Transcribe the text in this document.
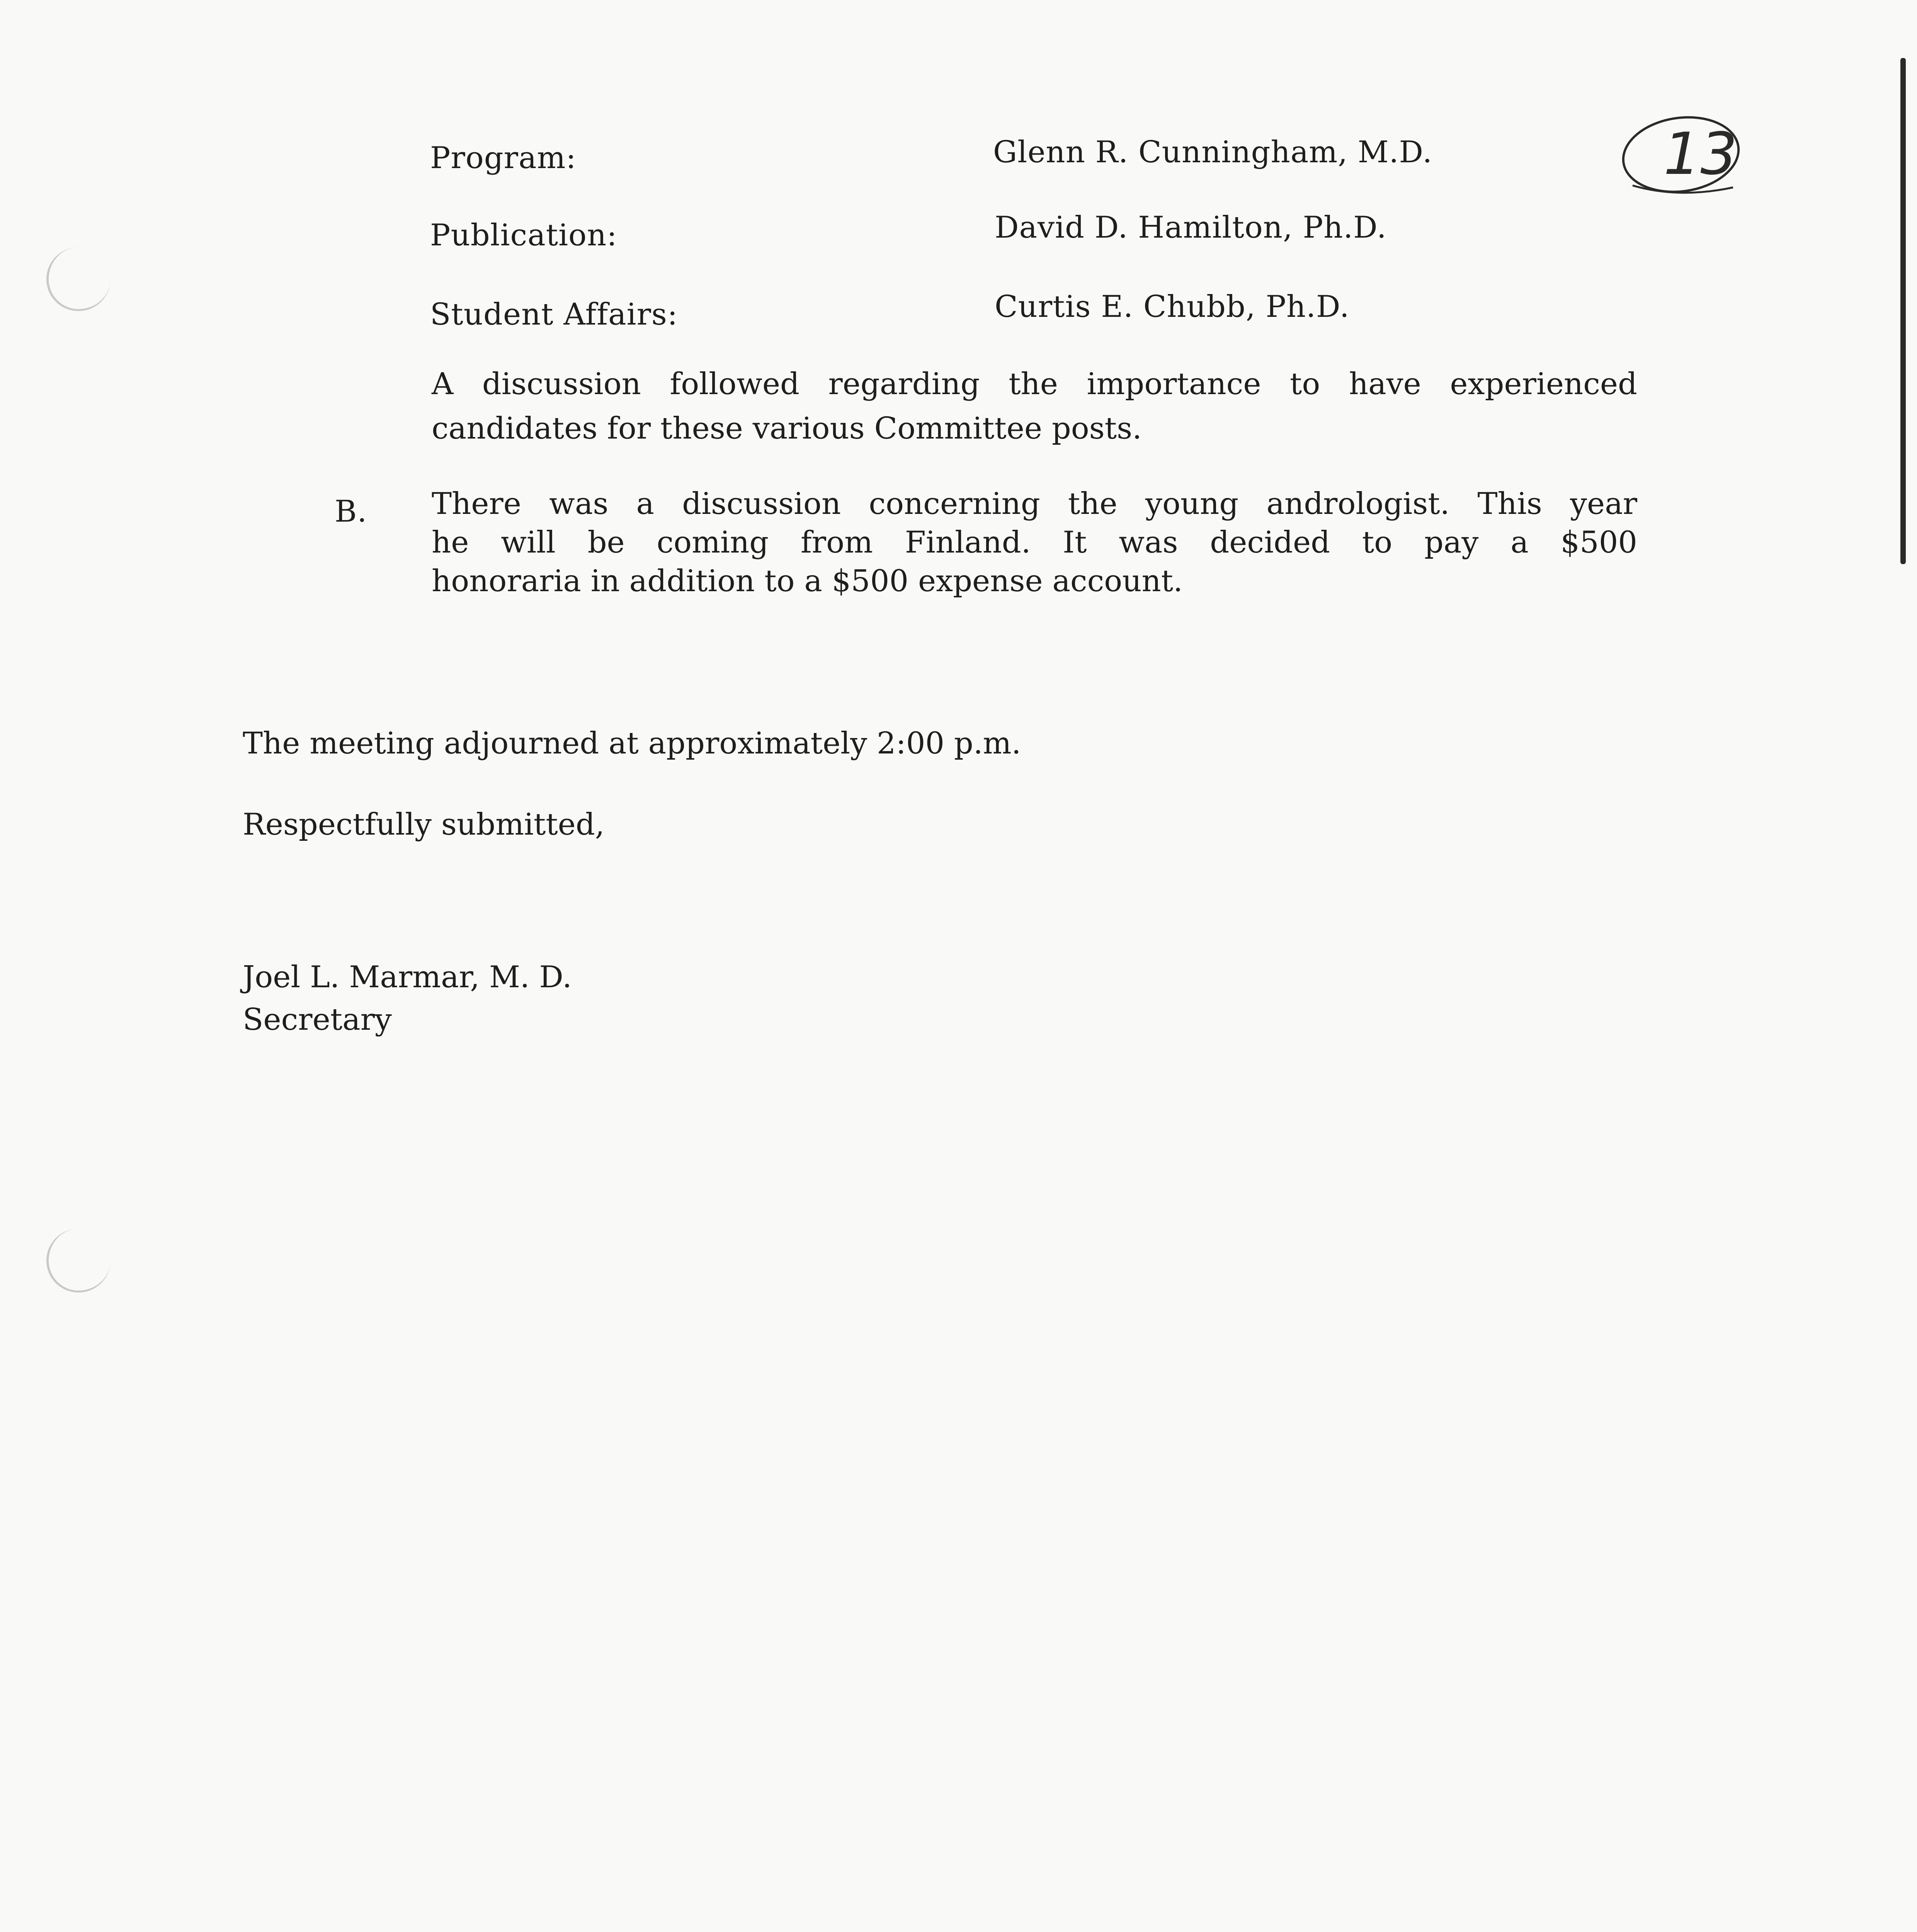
13
Program:	Glenn R. Cunningham, M.D.
Publication:	David D. Hamilton, Ph.D.
Student Affairs:	Curtis E. Chubb, Ph.D.
A discussion followed regarding the importance to have experienced
candidates for these various Committee posts.
B. There was a discussion concerning the young andrologist. This year
he will be coming from Finland. It was decided to pay a $500
honoraria in addition to a $500 expense account.
The meeting adjourned at approximately 2:00 p.m.
Respectfully submitted,
Joel L. Marmar, M. D.
Secretary
